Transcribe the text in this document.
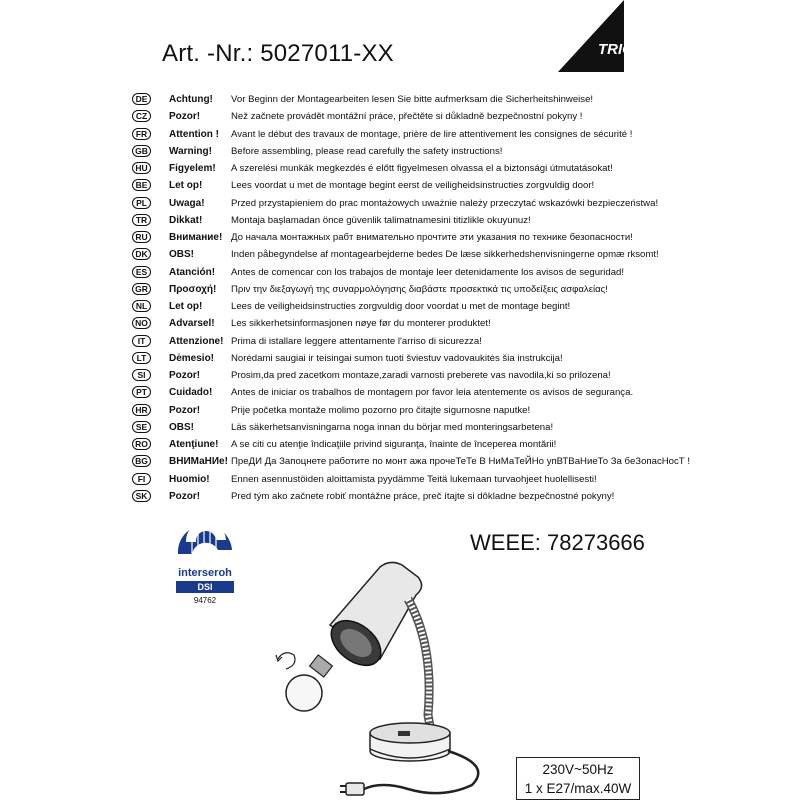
TRIO
Art. -Nr.: 5027011-XX
DE	Achtung! Vor Beginn der Montagearbeiten lesen Sie bitte aufmerksam die Sicherheitshinweise!
CZ	Pozor!	Než začnete provádět montážní práce, přečtěte si důkladně bezpečnostní pokyny !
FR	Attention ! Avant le début des travaux de montage, prière de lire attentivement les consignes de sécurité !
GB	Warning! Before assembling, please read carefully the safety instructions!
HU	Figyelem! A szerelési munkák megkezdés é előtt figyelmesen olvassa el a biztonsági útmutatásokat!
BE	Let op!	Lees voordat u met de montage begint eerst de veiligheidsinstructies zorgvuldig door!
PL	Uwaga!	Przed przystapieniem do prac montażowych uważnie należy przeczytać wskazówki bezpieczeństwa!
TR	Dikkat!	Montaja başlamadan önce güvenlik talimatnamesini titizlikle okuyunuz!
RU	Внимание! До начала монтажных рабт внимательно прочтите эти указания по технике безопасности!
DK	OBS!	Inden påbegyndelse af montagearbejderne bedes De læse sikkerhedshenvisningerne opmæ rksomt!
ES	Atanción! Antes de comencar con los trabajos de montaje leer detenidamente los avisos de seguridad!
GR	Προσοχή! Πριν την διεξαγωγή της συναρμολόγησης διαβάστε προσεκτικά τις υποδείξεις ασφαλείας!
NL	Let op!	Lees de veiligheidsinstructies zorgvuldig door voordat u met de montage begint!
NO	Advarsel! Les sikkerhetsinformasjonen nøye før du monterer produktet!
IT	Attenzione! Prima di istallare leggere attentamente l'arriso di sicurezza!
LT	Dėmesio! Norėdami saugiai ir teisingai sumon tuoti šviestuv vadovaukitės šia instrukcija!
SI	Pozor!	Prosim,da pred zacetkom montaze,zaradi varnosti preberete vas navodila,ki so prilozena!
PT	Cuidado! Antes de iniciar os trabalhos de montagem por favor leia atentemente os avisos de segurança.
HR	Pozor!	Prije početka montaže molimo pozorno pro čitajte sigurnosne naputke!
SE	OBS!	Läs säkerhetsanvisningarna noga innan du börjar med monteringsarbetena!
RO	Atenţiune! A se citi cu atenţie îndicaţiile privind siguranţa, înainte de începerea montării!
BG	ВНИМаНИе! ПреДИ Да Запоцнете работите по монт ажа прочеТеТе В НиМаТеЙНо упВТВаНиеТо За беЗопасНосТ !
FI	Huomio! Ennen asennustöiden aloittamista pyydämme Teitä lukemaan turvaohjeet huolellisesti!
SK	Pozor!	Pred tým ako začnete robiť montážne práce, preč ítajte si dôkladne bezpečnostné pokyny!
interseroh
DSI
94762
WEEE: 78273666
230V~50Hz
1 x E27/max.40W
